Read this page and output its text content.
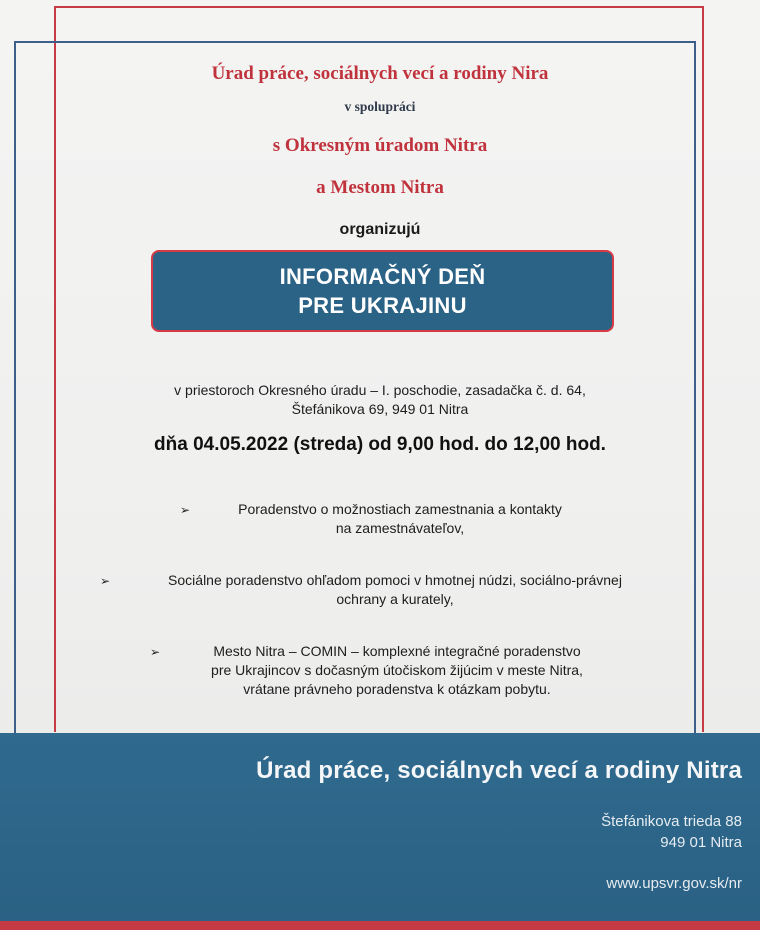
Úrad práce, sociálnych vecí a rodiny Nira
v spolupráci
s Okresným úradom Nitra
a Mestom Nitra
organizujú
INFORMAČNÝ DEŇ
PRE UKRAJINU
v priestoroch Okresného úradu – I. poschodie, zasadačka č. d. 64,
Štefánikova 69, 949 01 Nitra
dňa 04.05.2022 (streda) od 9,00 hod. do 12,00 hod.
➢	Poradenstvo o možnostiach zamestnania a kontakty
na zamestnávateľov,
➢	Sociálne poradenstvo ohľadom pomoci v hmotnej núdzi, sociálno-právnej
ochrany a kurately,
➢	Mesto Nitra – COMIN – komplexné integračné poradenstvo
pre Ukrajincov s dočasným útočiskom žijúcim v meste Nitra,
vrátane právneho poradenstva k otázkam pobytu.
Úrad práce, sociálnych vecí a rodiny Nitra
Štefánikova trieda 88
949 01 Nitra
www.upsvr.gov.sk/nr
